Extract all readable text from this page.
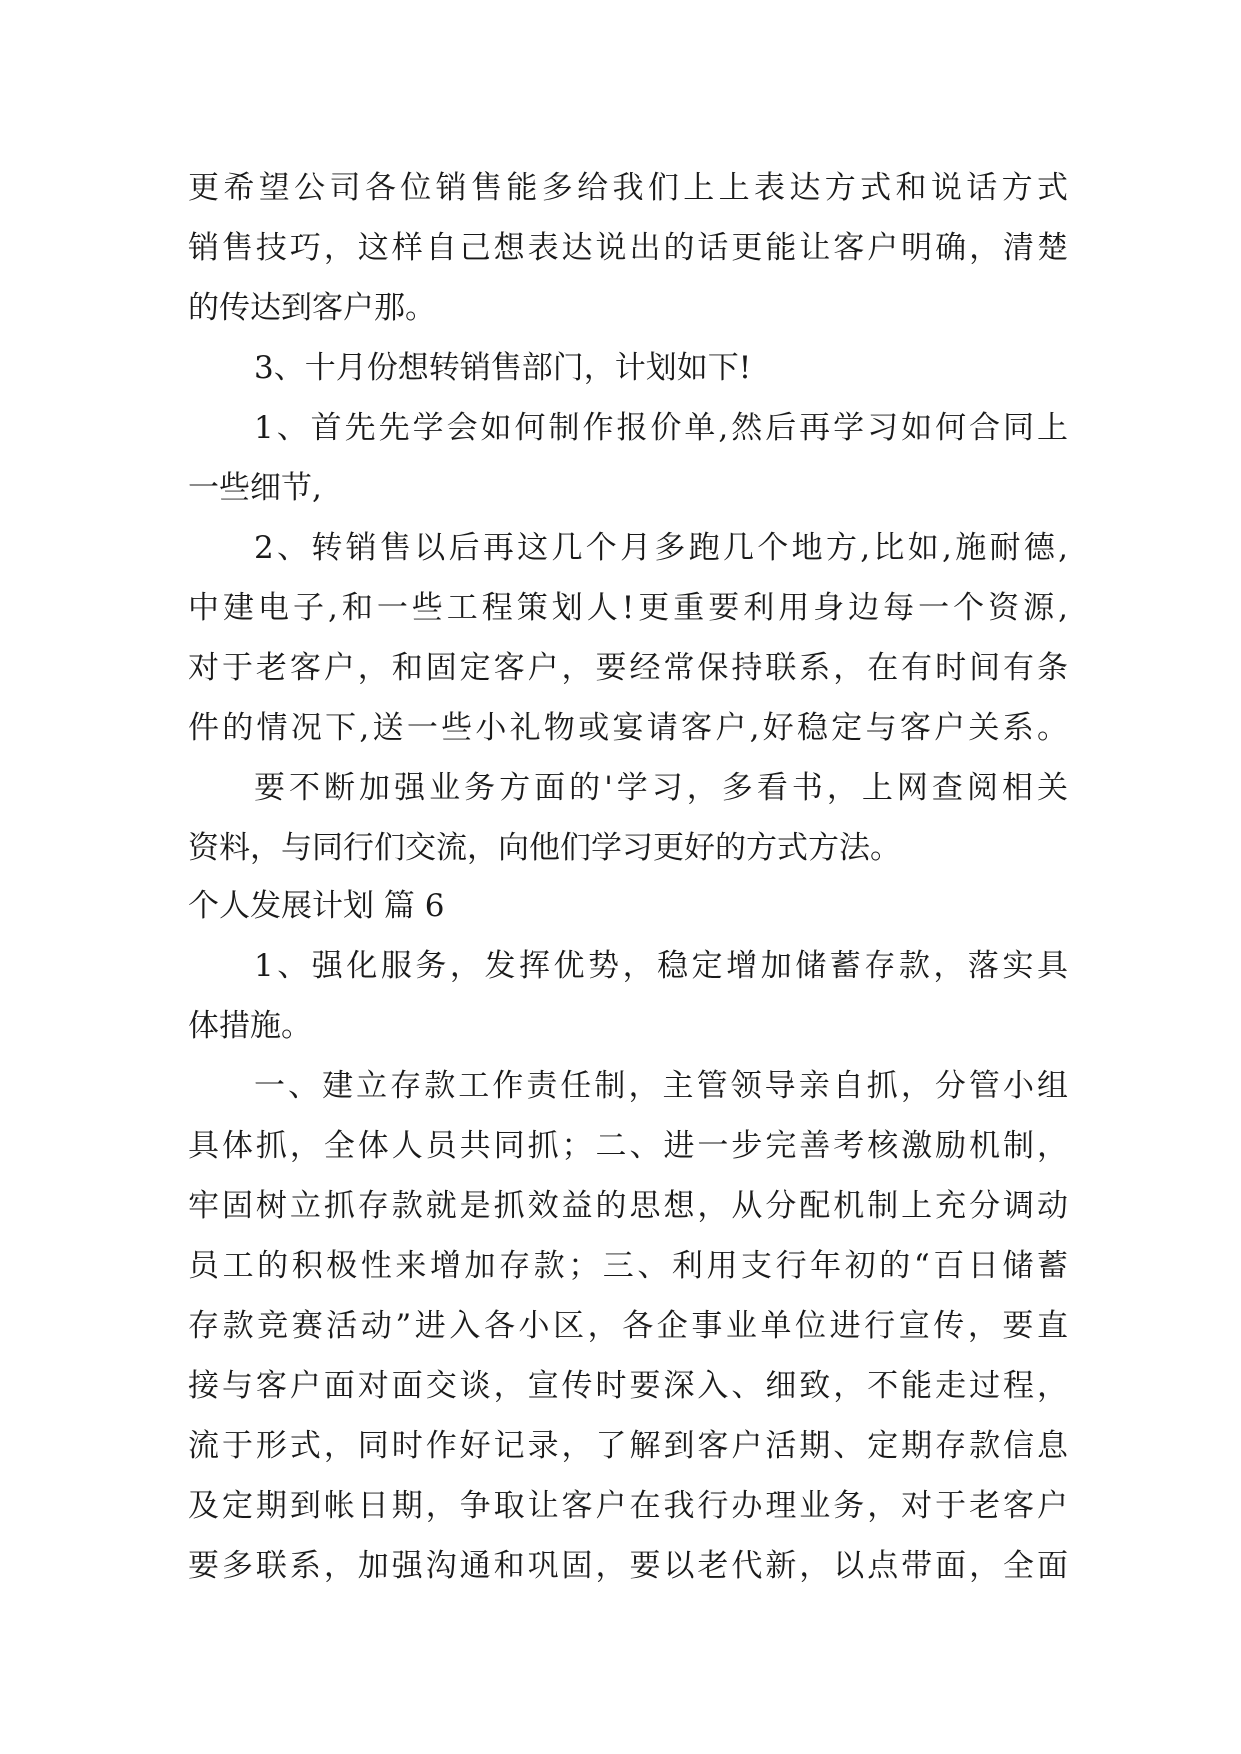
更希望公司各位销售能多给我们上上表达方式和说话方式
销售技巧，这样自己想表达说出的话更能让客户明确，清楚
的传达到客户那。
3、十月份想转销售部门，计划如下!
1、首先先学会如何制作报价单,然后再学习如何合同上
一些细节,
2、转销售以后再这几个月多跑几个地方,比如,施耐德,
中建电子,和一些工程策划人!更重要利用身边每一个资源,
对于老客户，和固定客户，要经常保持联系，在有时间有条
件的情况下,送一些小礼物或宴请客户,好稳定与客户关系。
要不断加强业务方面的'学习，多看书，上网查阅相关
资料，与同行们交流，向他们学习更好的方式方法。
个人发展计划 篇 6
1、强化服务，发挥优势，稳定增加储蓄存款，落实具
体措施。
一、建立存款工作责任制，主管领导亲自抓，分管小组
具体抓，全体人员共同抓；二、进一步完善考核激励机制，
牢固树立抓存款就是抓效益的思想，从分配机制上充分调动
员工的积极性来增加存款；三、利用支行年初的“百日储蓄
存款竞赛活动”进入各小区，各企事业单位进行宣传，要直
接与客户面对面交谈，宣传时要深入、细致，不能走过程，
流于形式，同时作好记录，了解到客户活期、定期存款信息
及定期到帐日期，争取让客户在我行办理业务，对于老客户
要多联系，加强沟通和巩固，要以老代新，以点带面，全面
